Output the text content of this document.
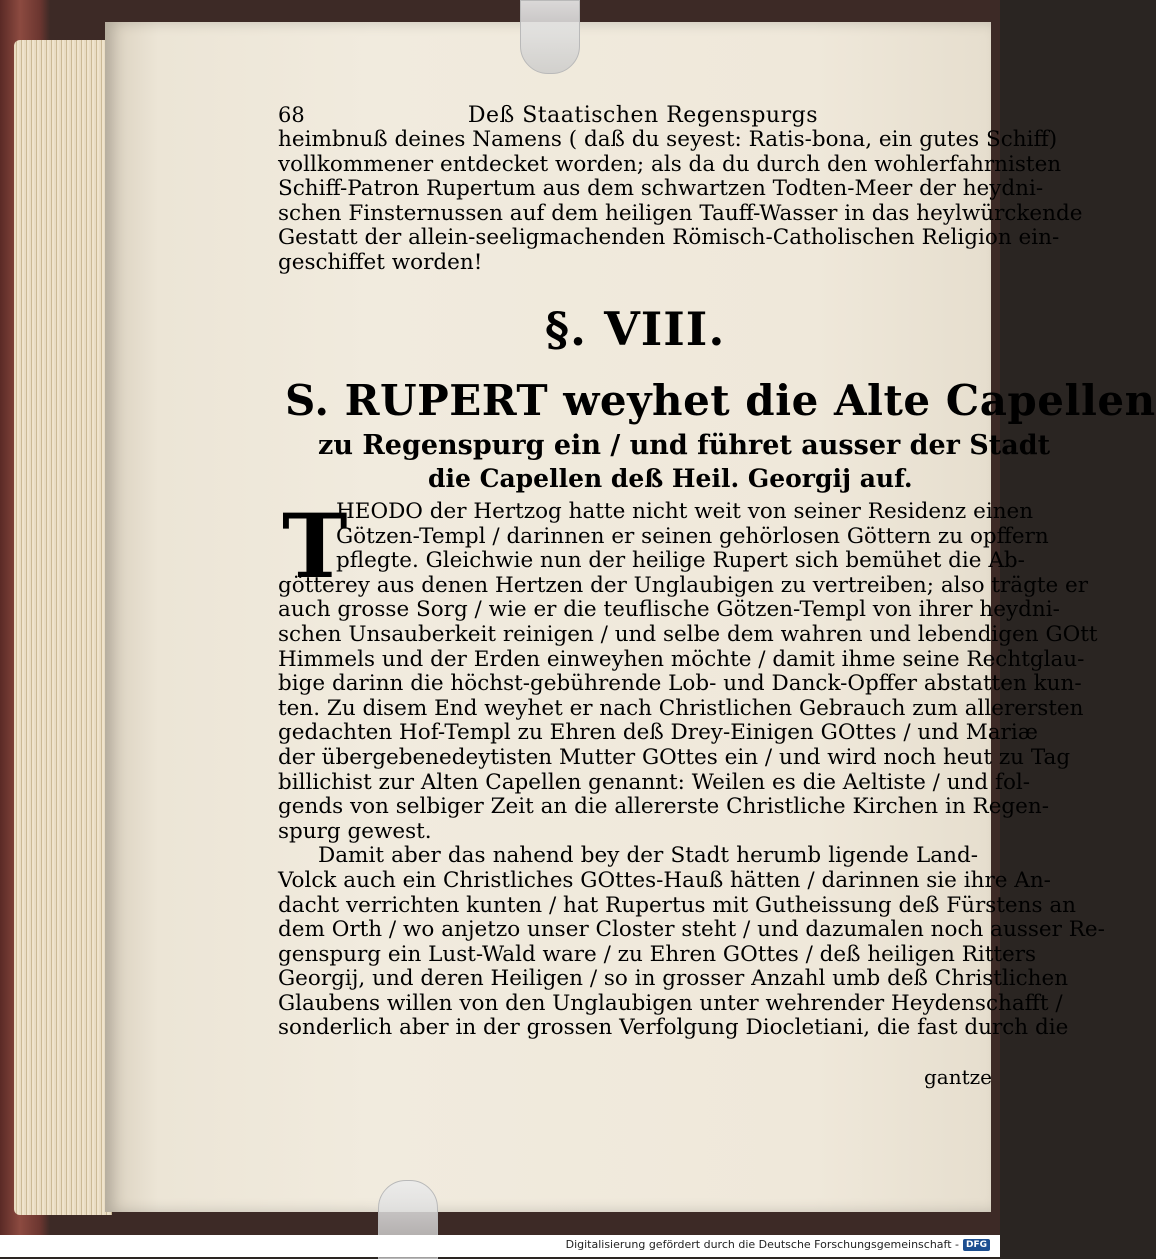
68	Deß Staatischen Regenspurgs
heimbnuß deines Namens ( daß du seyest: Ratis-bona, ein gutes Schiff)
vollkommener entdecket worden; als da du durch den wohlerfahrnisten
Schiff-Patron Rupertum aus dem schwartzen Todten-Meer der heydni-
schen Finsternussen auf dem heiligen Tauff-Wasser in das heylwürckende
Gestatt der allein-seeligmachenden Römisch-Catholischen Religion ein-
geschiffet worden!
§. VIII.
S. RUPERT weyhet die Alte Capellen
zu Regenspurg ein / und führet ausser der Stadt
die Capellen deß Heil. Georgij auf.
T
HEODO der Hertzog hatte nicht weit von seiner Residenz einen
Götzen-Templ / darinnen er seinen gehörlosen Göttern zu opffern
pflegte. Gleichwie nun der heilige Rupert sich bemühet die Ab-
götterey aus denen Hertzen der Unglaubigen zu vertreiben; also trägte er
auch grosse Sorg / wie er die teuflische Götzen-Templ von ihrer heydni-
schen Unsauberkeit reinigen / und selbe dem wahren und lebendigen GOtt
Himmels und der Erden einweyhen möchte / damit ihme seine Rechtglau-
bige darinn die höchst-gebührende Lob- und Danck-Opffer abstatten kun-
ten. Zu disem End weyhet er nach Christlichen Gebrauch zum allerersten
gedachten Hof-Templ zu Ehren deß Drey-Einigen GOttes / und Mariæ
der übergebenedeytisten Mutter GOttes ein / und wird noch heut zu Tag
billichist zur Alten Capellen genannt: Weilen es die Aeltiste / und fol-
gends von selbiger Zeit an die allererste Christliche Kirchen in Regen-
spurg gewest.
Damit aber das nahend bey der Stadt herumb ligende Land-
Volck auch ein Christliches GOttes-Hauß hätten / darinnen sie ihre An-
dacht verrichten kunten / hat Rupertus mit Gutheissung deß Fürstens an
dem Orth / wo anjetzo unser Closter steht / und dazumalen noch ausser Re-
genspurg ein Lust-Wald ware / zu Ehren GOttes / deß heiligen Ritters
Georgij, und deren Heiligen / so in grosser Anzahl umb deß Christlichen
Glaubens willen von den Unglaubigen unter wehrender Heydenschafft /
sonderlich aber in der grossen Verfolgung Diocletiani, die fast durch die
gantze
Digitalisierung gefördert durch die Deutsche Forschungsgemeinschaft - DFG
